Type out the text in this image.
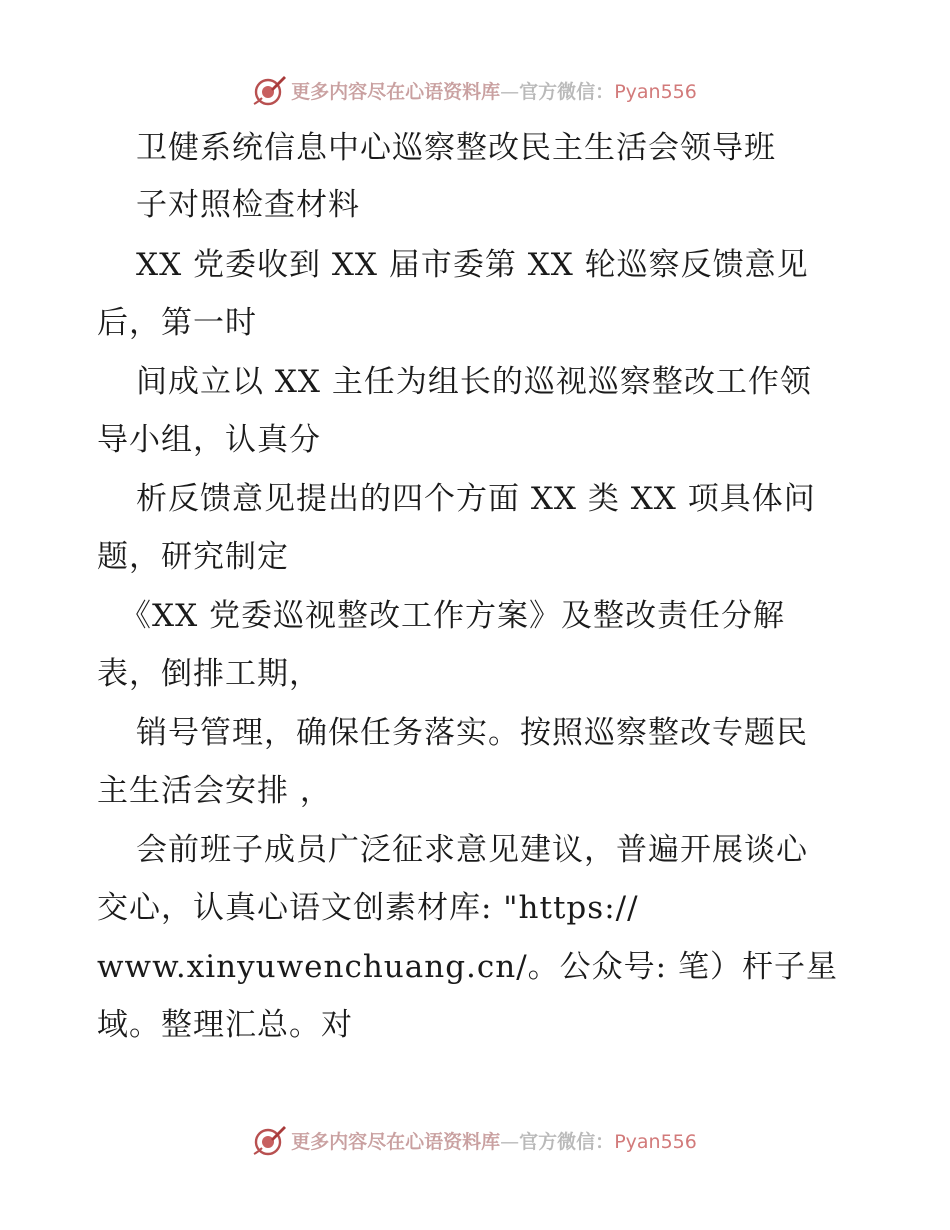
更多内容尽在心语资料库—官方微信：Pyan556
卫健系统信息中心巡察整改民主生活会领导班
子对照检查材料
XX 党委收到 XX 届市委第 XX 轮巡察反馈意见
后，第一时
间成立以 XX 主任为组长的巡视巡察整改工作领
导小组，认真分
析反馈意见提出的四个方面 XX 类 XX 项具体问
题，研究制定
《XX 党委巡视整改工作方案》及整改责任分解
表，倒排工期，
销号管理，确保任务落实。按照巡察整改专题民
主生活会安排 ，
会前班子成员广泛征求意见建议，普遍开展谈心
交心，认真心语文创素材库: "https://
www.xinyuwenchuang.cn/。公众号: 笔）杆子星
域。整理汇总。对
更多内容尽在心语资料库—官方微信：Pyan556
